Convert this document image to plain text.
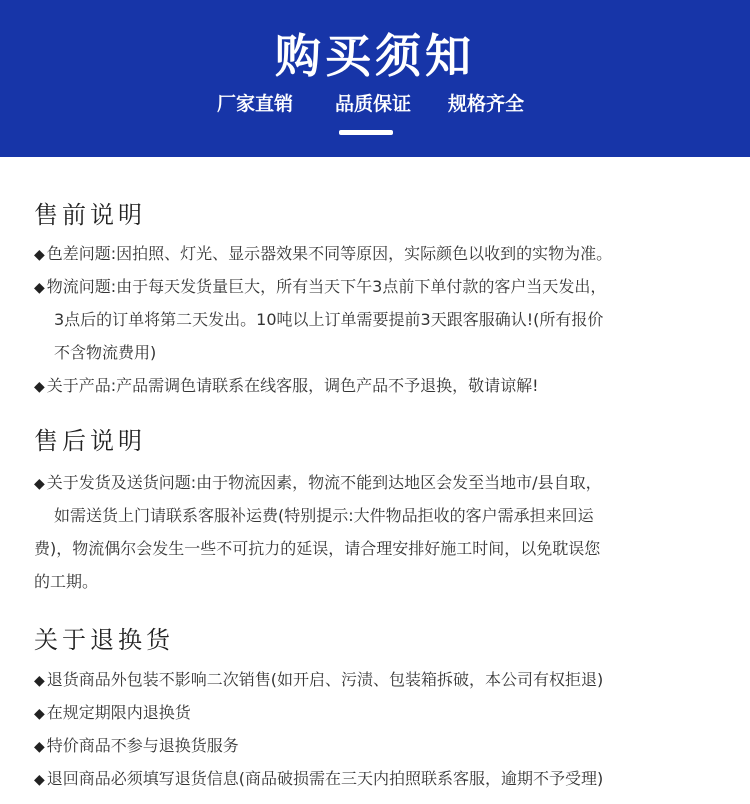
购买须知
厂家直销 品质保证 规格齐全
售前说明
◆ 色差问题:因拍照、灯光、显示器效果不同等原因，实际颜色以收到的实物为准。
◆ 物流问题:由于每天发货量巨大，所有当天下午3点前下单付款的客户当天发出，
3点后的订单将第二天发出。10吨以上订单需要提前3天跟客服确认!(所有报价
不含物流费用)
◆ 关于产品:产品需调色请联系在线客服，调色产品不予退换，敬请谅解!
售后说明
◆ 关于发货及送货问题:由于物流因素，物流不能到达地区会发至当地市/县自取，
如需送货上门请联系客服补运费(特别提示:大件物品拒收的客户需承担来回运
费)，物流偶尔会发生一些不可抗力的延误，请合理安排好施工时间，以免耽误您
的工期。
关于退换货
◆ 退货商品外包装不影响二次销售(如开启、污渍、包装箱拆破，本公司有权拒退)
◆ 在规定期限内退换货
◆ 特价商品不参与退换货服务
◆ 退回商品必须填写退货信息(商品破损需在三天内拍照联系客服，逾期不予受理)
